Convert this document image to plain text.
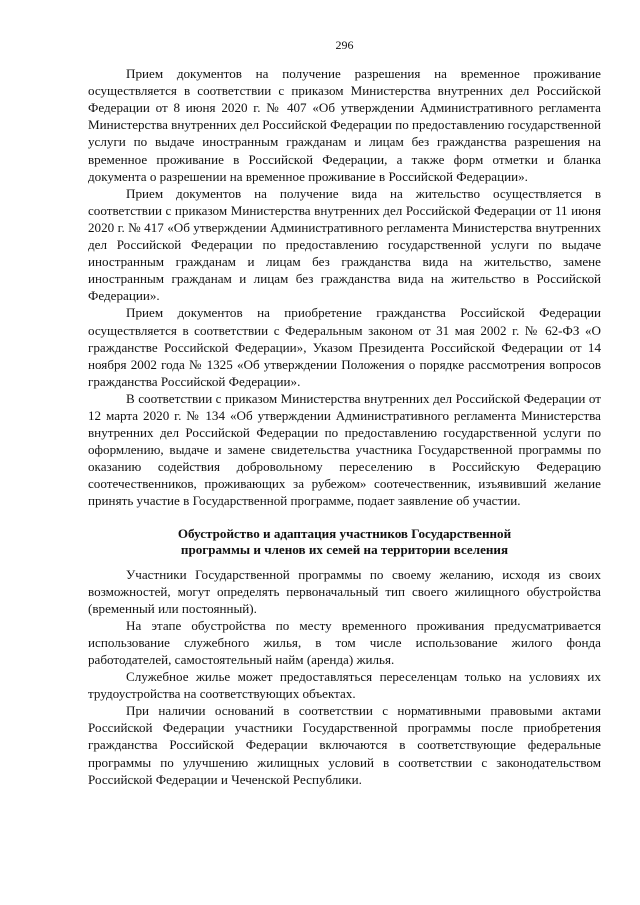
296

Прием документов на получение разрешения на временное проживание осуществляется в соответствии с приказом Министерства внутренних дел Российской Федерации от 8 июня 2020 г. № 407 «Об утверждении Административного регламента Министерства внутренних дел Российской Федерации по предоставлению государственной услуги по выдаче иностранным гражданам и лицам без гражданства разрешения на временное проживание в Российской Федерации, а также форм отметки и бланка документа о разрешении на временное проживание в Российской Федерации».

Прием документов на получение вида на жительство осуществляется в соответствии с приказом Министерства внутренних дел Российской Федерации от 11 июня 2020 г. № 417 «Об утверждении Административного регламента Министерства внутренних дел Российской Федерации по предоставлению государственной услуги по выдаче иностранным гражданам и лицам без гражданства вида на жительство, замене иностранным гражданам и лицам без гражданства вида на жительство в Российской Федерации».

Прием документов на приобретение гражданства Российской Федерации осуществляется в соответствии с Федеральным законом от 31 мая 2002 г. № 62-ФЗ «О гражданстве Российской Федерации», Указом Президента Российской Федерации от 14 ноября 2002 года № 1325 «Об утверждении Положения о порядке рассмотрения вопросов гражданства Российской Федерации».

В соответствии с приказом Министерства внутренних дел Российской Федерации от 12 марта 2020 г. № 134 «Об утверждении Административного регламента Министерства внутренних дел Российской Федерации по предоставлению государственной услуги по оформлению, выдаче и замене свидетельства участника Государственной программы по оказанию содействия добровольному переселению в Российскую Федерацию соотечественников, проживающих за рубежом» соотечественник, изъявивший желание принять участие в Государственной программе, подает заявление об участии.

Обустройство и адаптация участников Государственной
программы и членов их семей на территории вселения

Участники Государственной программы по своему желанию, исходя из своих возможностей, могут определять первоначальный тип своего жилищного обустройства (временный или постоянный).

На этапе обустройства по месту временного проживания предусматривается использование служебного жилья, в том числе использование жилого фонда работодателей, самостоятельный найм (аренда) жилья.

Служебное жилье может предоставляться переселенцам только на условиях их трудоустройства на соответствующих объектах.

При наличии оснований в соответствии с нормативными правовыми актами Российской Федерации участники Государственной программы после приобретения гражданства Российской Федерации включаются в соответствующие федеральные программы по улучшению жилищных условий в соответствии с законодательством Российской Федерации и Чеченской Республики.
